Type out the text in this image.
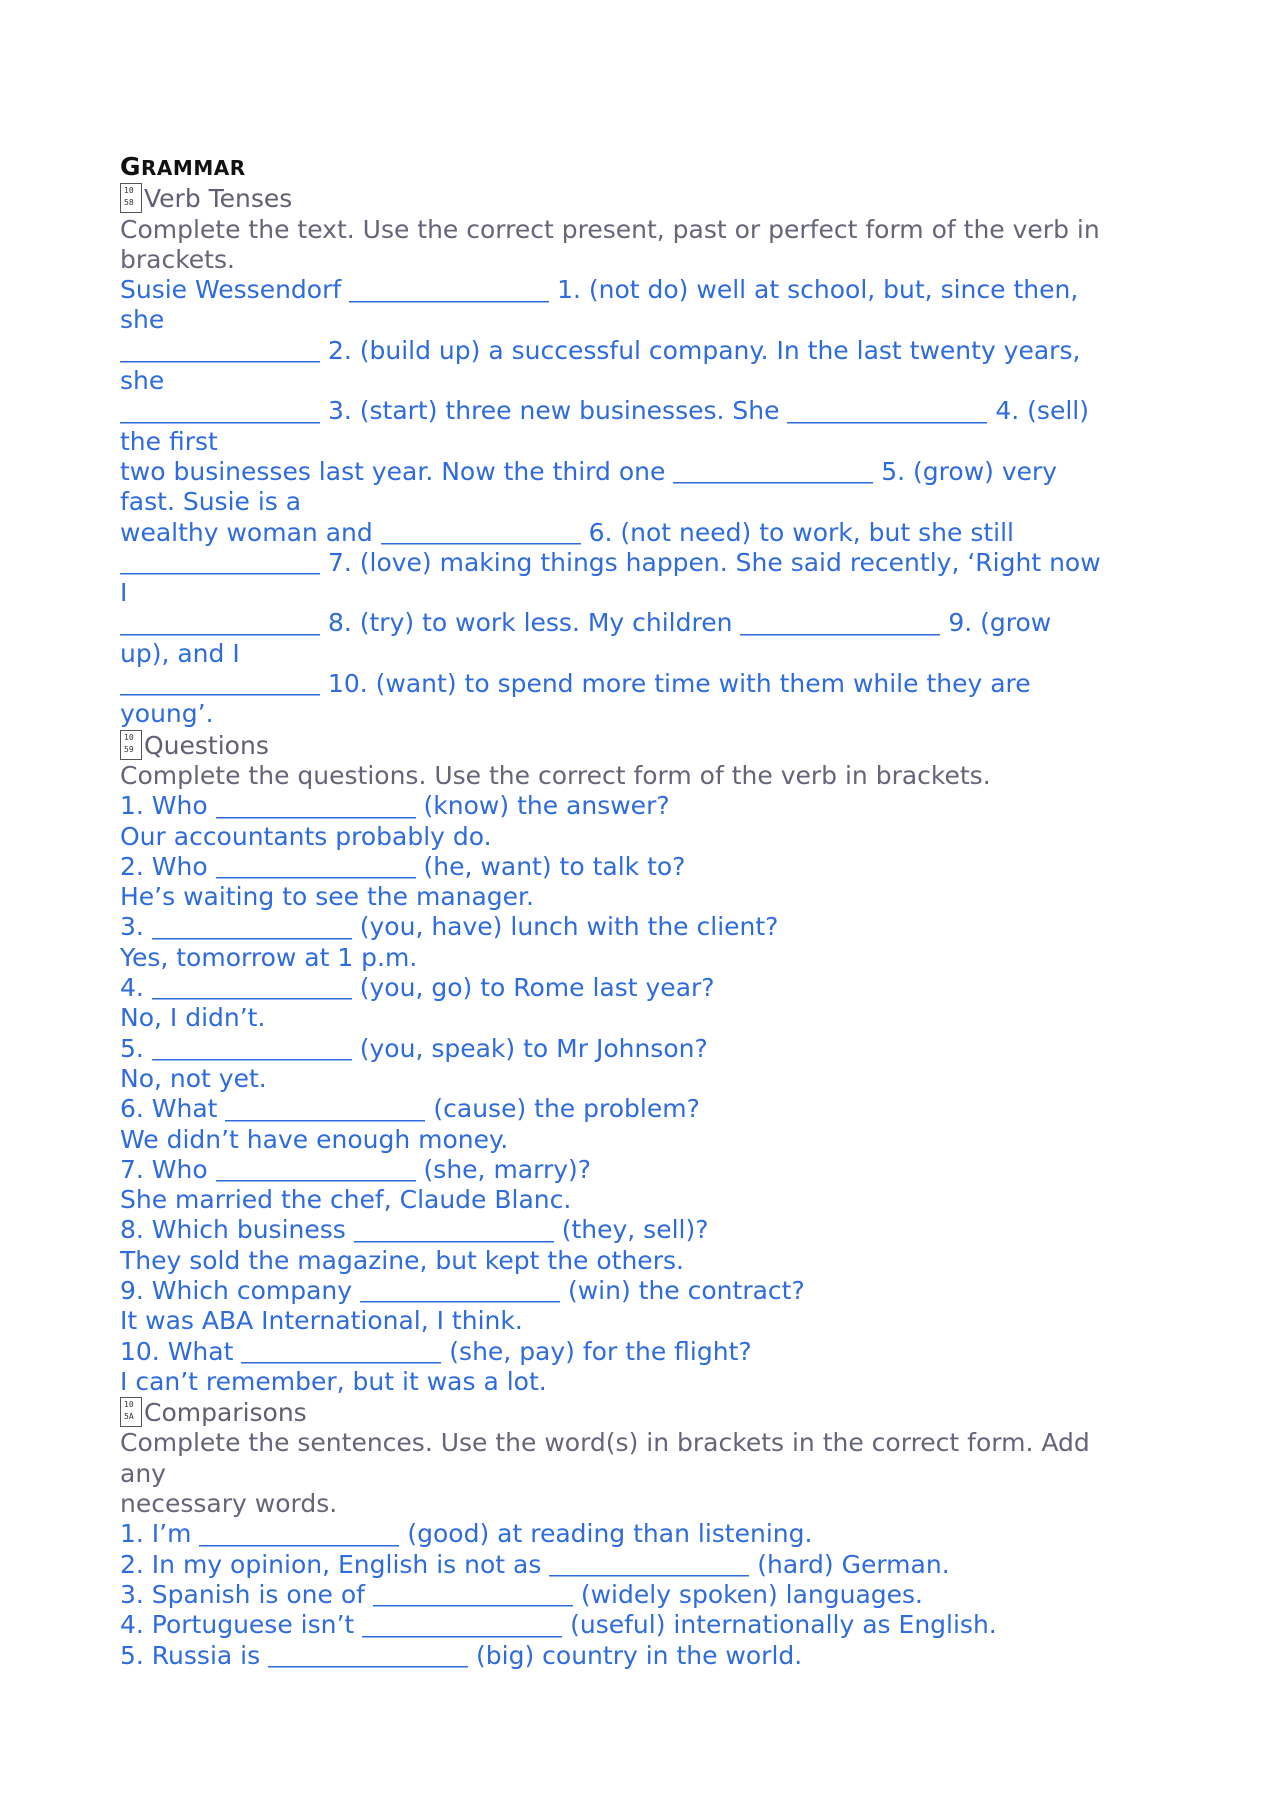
GRAMMAR
10
58 Verb Tenses
Complete the text. Use the correct present, past or perfect form of the verb in
brackets.
Susie Wessendorf	1. (not do) well at school, but, since then,
she
2. (build up) a successful company. In the last twenty years,
she
3. (start) three new businesses. She	4. (sell)
the first
two businesses last year. Now the third one	5. (grow) very
fast. Susie is a
wealthy woman and	6. (not need) to work, but she still
7. (love) making things happen. She said recently, ‘Right now
I
8. (try) to work less. My children	9. (grow
up), and I
10. (want) to spend more time with them while they are
young’.
10
59 Questions
Complete the questions. Use the correct form of the verb in brackets.
1. Who	(know) the answer?
Our accountants probably do.
2. Who	(he, want) to talk to?
He’s waiting to see the manager.
3.	(you, have) lunch with the client?
Yes, tomorrow at 1 p.m.
4.	(you, go) to Rome last year?
No, I didn’t.
5.	(you, speak) to Mr Johnson?
No, not yet.
6. What	(cause) the problem?
We didn’t have enough money.
7. Who	(she, marry)?
She married the chef, Claude Blanc.
8. Which business	(they, sell)?
They sold the magazine, but kept the others.
9. Which company	(win) the contract?
It was ABA International, I think.
10. What	(she, pay) for the flight?
I can’t remember, but it was a lot.
10
5A Comparisons
Complete the sentences. Use the word(s) in brackets in the correct form. Add
any
necessary words.
1. I’m	(good) at reading than listening.
2. In my opinion, English is not as	(hard) German.
3. Spanish is one of	(widely spoken) languages.
4. Portuguese isn’t	(useful) internationally as English.
5. Russia is	(big) country in the world.
